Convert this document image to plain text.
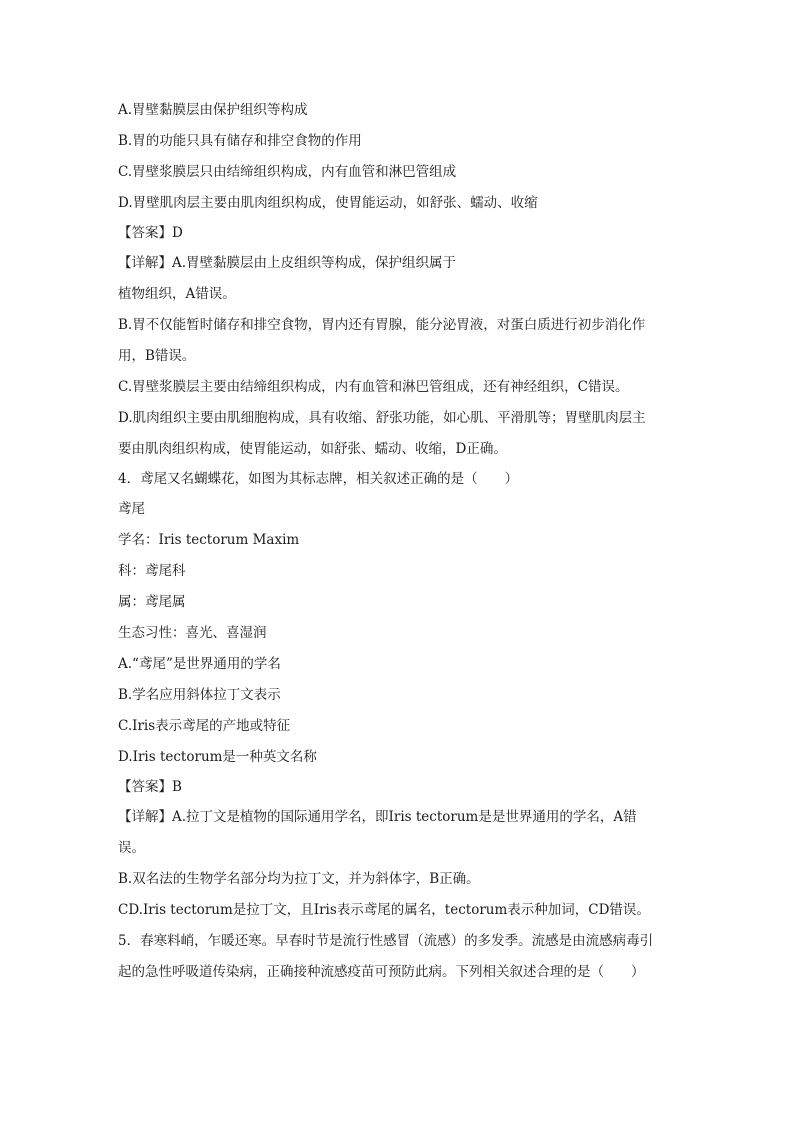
A.胃壁黏膜层由保护组织等构成

B.胃的功能只具有储存和排空食物的作用

C.胃壁浆膜层只由结缔组织构成，内有血管和淋巴管组成

D.胃壁肌肉层主要由肌肉组织构成，使胃能运动，如舒张、蠕动、收缩

【答案】D

【详解】A.胃壁黏膜层由上皮组织等构成，保护组织属于

植物组织，A错误。

B.胃不仅能暂时储存和排空食物，胃内还有胃腺，能分泌胃液，对蛋白质进行初步消化作

用，B错误。

C.胃壁浆膜层主要由结缔组织构成，内有血管和淋巴管组成，还有神经组织，C错误。

D.肌肉组织主要由肌细胞构成，具有收缩、舒张功能，如心肌、平滑肌等；胃壁肌肉层主

要由肌肉组织构成，使胃能运动，如舒张、蠕动、收缩，D正确。

4．鸢尾又名蝴蝶花，如图为其标志牌，相关叙述正确的是（　　）

鸢尾

学名：Iris tectorum Maxim

科：鸢尾科

属：鸢尾属

生态习性：喜光、喜湿润

A.“鸢尾”是世界通用的学名

B.学名应用斜体拉丁文表示

C.Iris表示鸢尾的产地或特征

D.Iris tectorum是一种英文名称

【答案】B

【详解】A.拉丁文是植物的国际通用学名，即Iris tectorum是是世界通用的学名，A错

误。

B.双名法的生物学名部分均为拉丁文，并为斜体字，B正确。

CD.Iris tectorum是拉丁文，且Iris表示鸢尾的属名，tectorum表示种加词，CD错误。

5．春寒料峭，乍暖还寒。早春时节是流行性感冒（流感）的多发季。流感是由流感病毒引

起的急性呼吸道传染病，正确接种流感疫苗可预防此病。下列相关叙述合理的是（　　）
